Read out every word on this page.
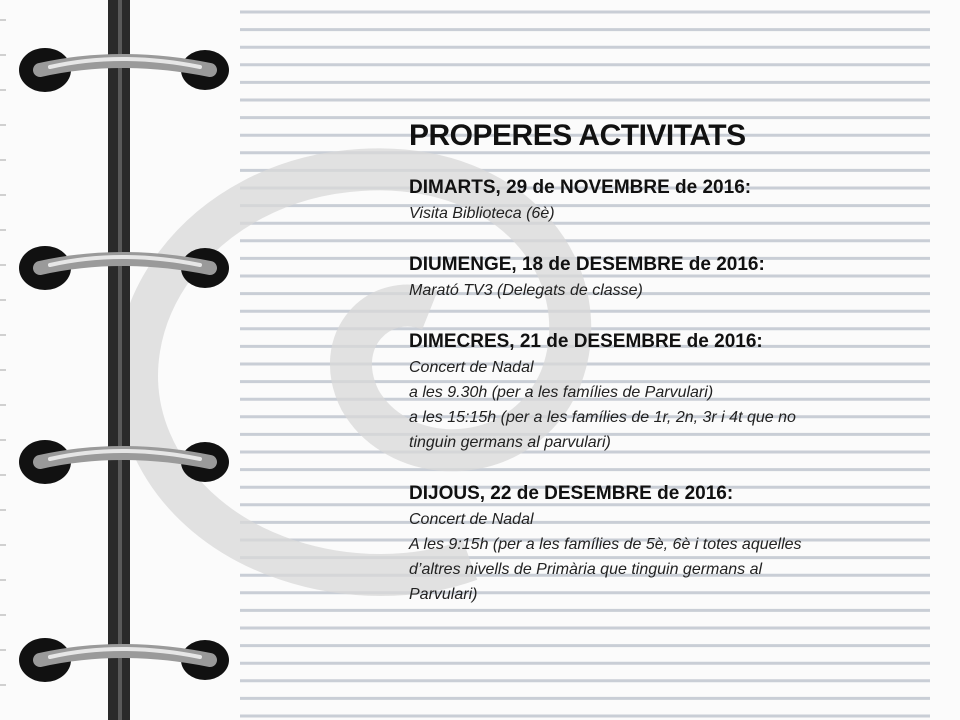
PROPERES ACTIVITATS
DIMARTS, 29 de NOVEMBRE de 2016:
Visita Biblioteca (6è)
DIUMENGE, 18 de DESEMBRE de 2016:
Marató TV3 (Delegats de classe)
DIMECRES, 21 de DESEMBRE de 2016:
Concert de Nadal
a les 9.30h (per a les famílies de Parvulari)
a les 15:15h (per a les famílies de 1r, 2n, 3r i 4t que no
tinguin germans al parvulari)
DIJOUS, 22 de DESEMBRE de 2016:
Concert de Nadal
A les 9:15h (per a les famílies de 5è, 6è i totes aquelles
d’altres nivells de Primària que tinguin germans al
Parvulari)
